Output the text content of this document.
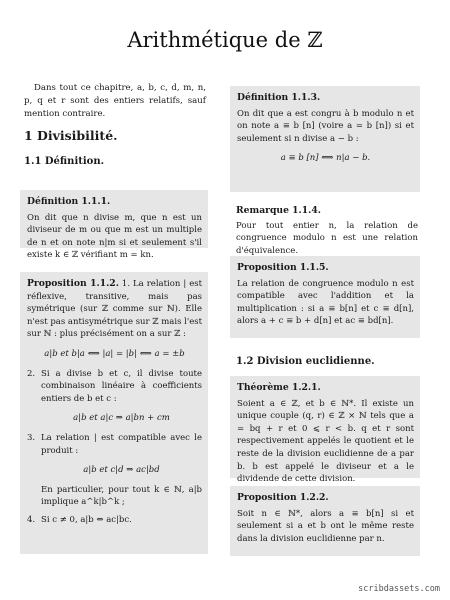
Arithmétique de ℤ
Dans tout ce chapitre, a, b, c, d, m, n, p, q et r sont des entiers relatifs, sauf mention contraire.
1 Divisibilité.
1.1 Définition.
Définition 1.1.1.
On dit que n divise m, que n est un diviseur de m ou que m est un multiple de n et on note n|m si et seulement s'il existe k ∈ ℤ vérifiant m = kn.
Proposition 1.1.2. 1. La relation | est réflexive, transitive, mais pas symétrique (sur ℤ comme sur ℕ). Elle n'est pas antisymétrique sur ℤ mais l'est sur ℕ : plus précisément on a sur ℤ :
a|b et b|a ⟺ |a| = |b| ⟺ a = ±b
2. Si a divise b et c, il divise toute combinaison linéaire à coefficients entiers de b et c :
a|b et a|c ⇒ a|bn + cm
3. La relation | est compatible avec le produit :
a|b et c|d ⇒ ac|bd
En particulier, pour tout k ∈ ℕ, a|b implique a^k|b^k ;
4. Si c ≠ 0, a|b ⇔ ac|bc.
Définition 1.1.3.
On dit que a est congru à b modulo n et on note a ≡ b [n] (voire a = b [n]) si et seulement si n divise a − b :
a ≡ b [n] ⟺ n|a − b.
Remarque 1.1.4.
Pour tout entier n, la relation de congruence modulo n est une relation d'équivalence.
Proposition 1.1.5.
La relation de congruence modulo n est compatible avec l'addition et la multiplication : si a ≡ b[n] et c ≡ d[n], alors a + c ≡ b + d[n] et ac ≡ bd[n].
1.2 Division euclidienne.
Théorème 1.2.1.
Soient a ∈ ℤ, et b ∈ ℕ*. Il existe un unique couple (q, r) ∈ ℤ × ℕ tels que a = bq + r et 0 ⩽ r < b. q et r sont respectivement appelés le quotient et le reste de la division euclidienne de a par b. b est appelé le diviseur et a le dividende de cette division.
Proposition 1.2.2.
Soit n ∈ ℕ*, alors a ≡ b[n] si et seulement si a et b ont le même reste dans la division euclidienne par n.
scribdassets.com
